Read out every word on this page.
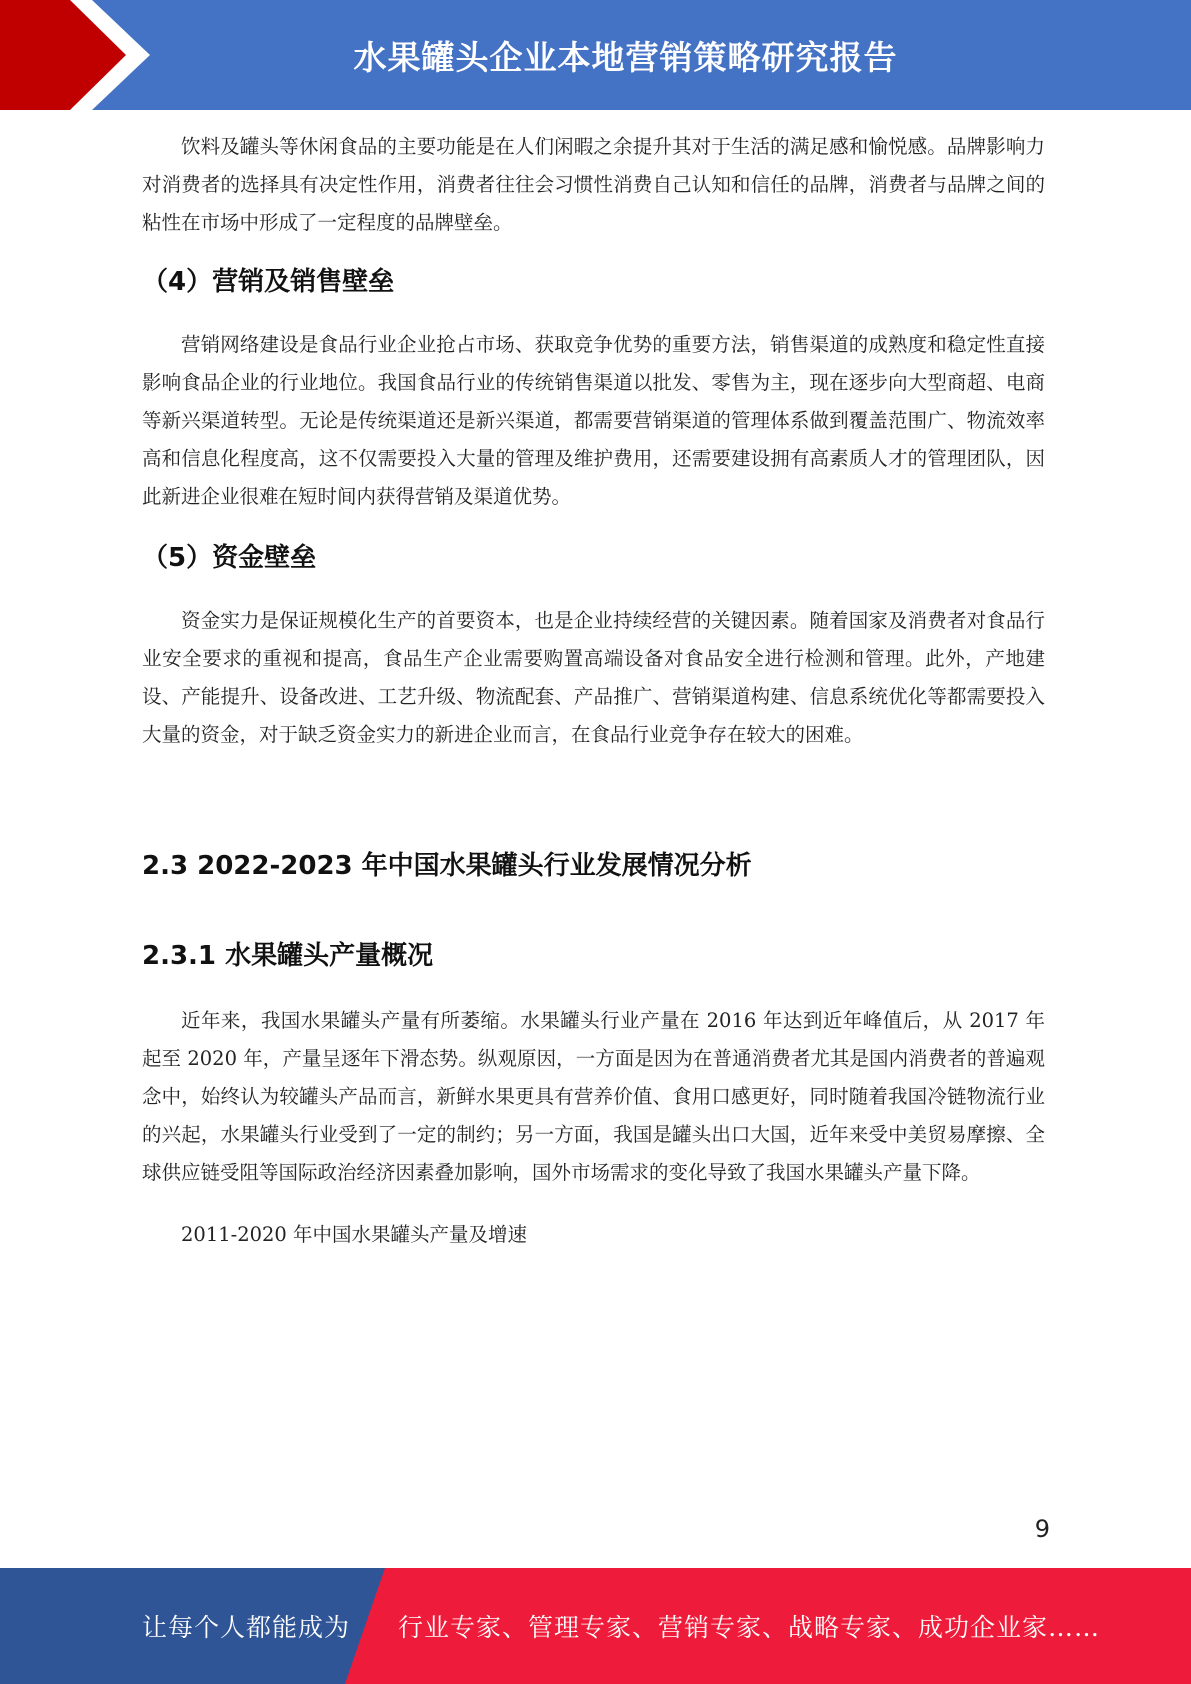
水果罐头企业本地营销策略研究报告

饮料及罐头等休闲食品的主要功能是在人们闲暇之余提升其对于生活的满足感和愉悦感。品牌影响力对消费者的选择具有决定性作用，消费者往往会习惯性消费自己认知和信任的品牌，消费者与品牌之间的粘性在市场中形成了一定程度的品牌壁垒。

（4）营销及销售壁垒

营销网络建设是食品行业企业抢占市场、获取竞争优势的重要方法，销售渠道的成熟度和稳定性直接影响食品企业的行业地位。我国食品行业的传统销售渠道以批发、零售为主，现在逐步向大型商超、电商等新兴渠道转型。无论是传统渠道还是新兴渠道，都需要营销渠道的管理体系做到覆盖范围广、物流效率高和信息化程度高，这不仅需要投入大量的管理及维护费用，还需要建设拥有高素质人才的管理团队，因此新进企业很难在短时间内获得营销及渠道优势。

（5）资金壁垒

资金实力是保证规模化生产的首要资本，也是企业持续经营的关键因素。随着国家及消费者对食品行业安全要求的重视和提高，食品生产企业需要购置高端设备对食品安全进行检测和管理。此外，产地建设、产能提升、设备改进、工艺升级、物流配套、产品推广、营销渠道构建、信息系统优化等都需要投入大量的资金，对于缺乏资金实力的新进企业而言，在食品行业竞争存在较大的困难。

2.3 2022-2023 年中国水果罐头行业发展情况分析
2.3.1 水果罐头产量概况

近年来，我国水果罐头产量有所萎缩。水果罐头行业产量在 2016 年达到近年峰值后，从 2017 年起至 2020 年，产量呈逐年下滑态势。纵观原因，一方面是因为在普通消费者尤其是国内消费者的普遍观念中，始终认为较罐头产品而言，新鲜水果更具有营养价值、食用口感更好，同时随着我国冷链物流行业的兴起，水果罐头行业受到了一定的制约；另一方面，我国是罐头出口大国，近年来受中美贸易摩擦、全球供应链受阻等国际政治经济因素叠加影响，国外市场需求的变化导致了我国水果罐头产量下降。

2011-2020 年中国水果罐头产量及增速

9
让每个人都能成为 行业专家、管理专家、营销专家、战略专家、成功企业家……
